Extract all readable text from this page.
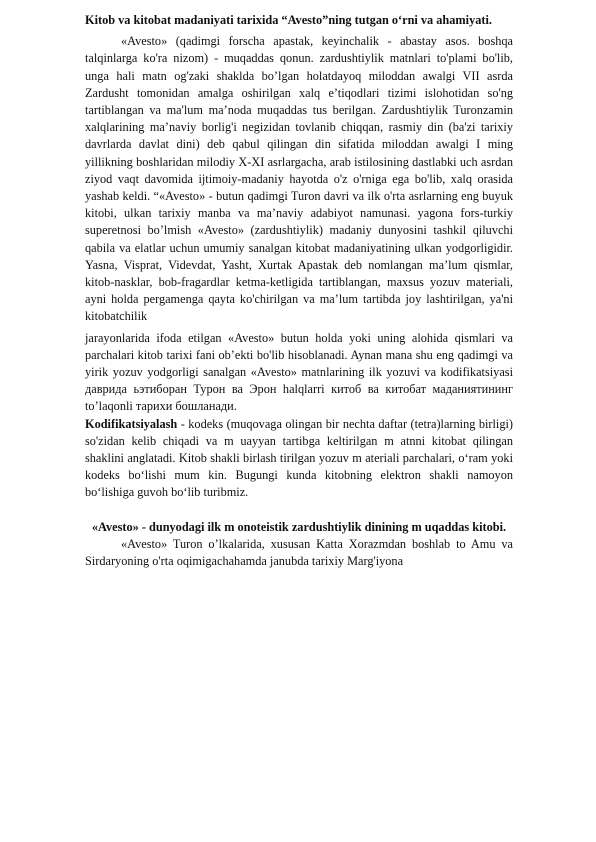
Kitob va kitobat madaniyati tarixida “Avesto”ning tutgan o‘rni va ahamiyati.

«Avesto» (qadimgi forscha apastak, keyinchalik - abastay asos. boshqa talqinlarga ko'ra nizom) - muqaddas qonun. zardushtiylik matnlari to'plami bo'lib, unga hali matn og'zaki shaklda bo’lgan holatdayoq miloddan awalgi VII asrda Zardusht tomonidan amalga oshirilgan xalq e’tiqodlari tizimi islohotidan so'ng tartiblangan va ma'lum ma’noda muqaddas tus berilgan. Zardushtiylik Turonzamin xalqlarining ma’naviy borlig'i negizidan tovlanib chiqqan, rasmiy din (ba'zi tarixiy davrlarda davlat dini) deb qabul qilingan din sifatida miloddan awalgi I ming yillikning boshlaridan milodiy X-XI asrlargacha, arab istilosining dastlabki uch asrdan ziyod vaqt davomida ijtimoiy-madaniy hayotda o'z o'rniga ega bo'lib, xalq orasida yashab keldi. “«Avesto» - butun qadimgi Turon davri va ilk o'rta asrlarning eng buyuk kitobi, ulkan tarixiy manba va ma’naviy adabiyot namunasi. yagona fors-turkiy superetnosi bo’lmish «Avesto» (zardushtiylik) madaniy dunyosini tashkil qiluvchi qabila va elatlar uchun umumiy sanalgan kitobat madaniyatining ulkan yodgorligidir. Yasna, Visprat, Videvdat, Yasht, Xurtak Apastak deb nomlangan ma’lum qismlar, kitob-nasklar, bob-fragardlar ketma-ketligida tartiblangan, maxsus yozuv materiali, ayni holda pergamenga qayta ko'chirilgan va ma’lum tartibda joy lashtirilgan, ya'ni kitobatchilik

jarayonlarida ifoda etilgan «Avesto» butun holda yoki uning alohida qismlari va parchalari kitob tarixi fani ob’ekti bo'lib hisoblanadi. Aynan mana shu eng qadimgi va yirik yozuv yodgorligi sanalgan «Avesto» matnlarining ilk yozuvi va kodifikatsiyasi даврида ьэтиборан Турон ва Эрон halqlarri китоб ва китобат маданиятининг to’laqonli тарихи бошланади.

Kodifikatsiyalash - kodeks (muqovaga olingan bir nechta daftar (tetra)larning birligi) so'zidan kelib chiqadi va m uayyan tartibga keltirilgan m atnni kitobat qilingan shaklini anglatadi. Kitob shakli birlash tirilgan yozuv m ateriali parchalari, o‘ram yoki kodeks bo‘lishi mum kin. Bugungi kunda kitobning elektron shakli namoyon bo‘lishiga guvoh bo‘lib turibmiz.

«Avesto» - dunyodagi ilk m onoteistik zardushtiylik dinining m uqaddas kitobi.

«Avesto» Turon o’lkalarida, xususan Katta Xorazmdan boshlab to Amu va Sirdaryoning o'rta oqimigachahamda janubda tarixiy Marg'iyona
